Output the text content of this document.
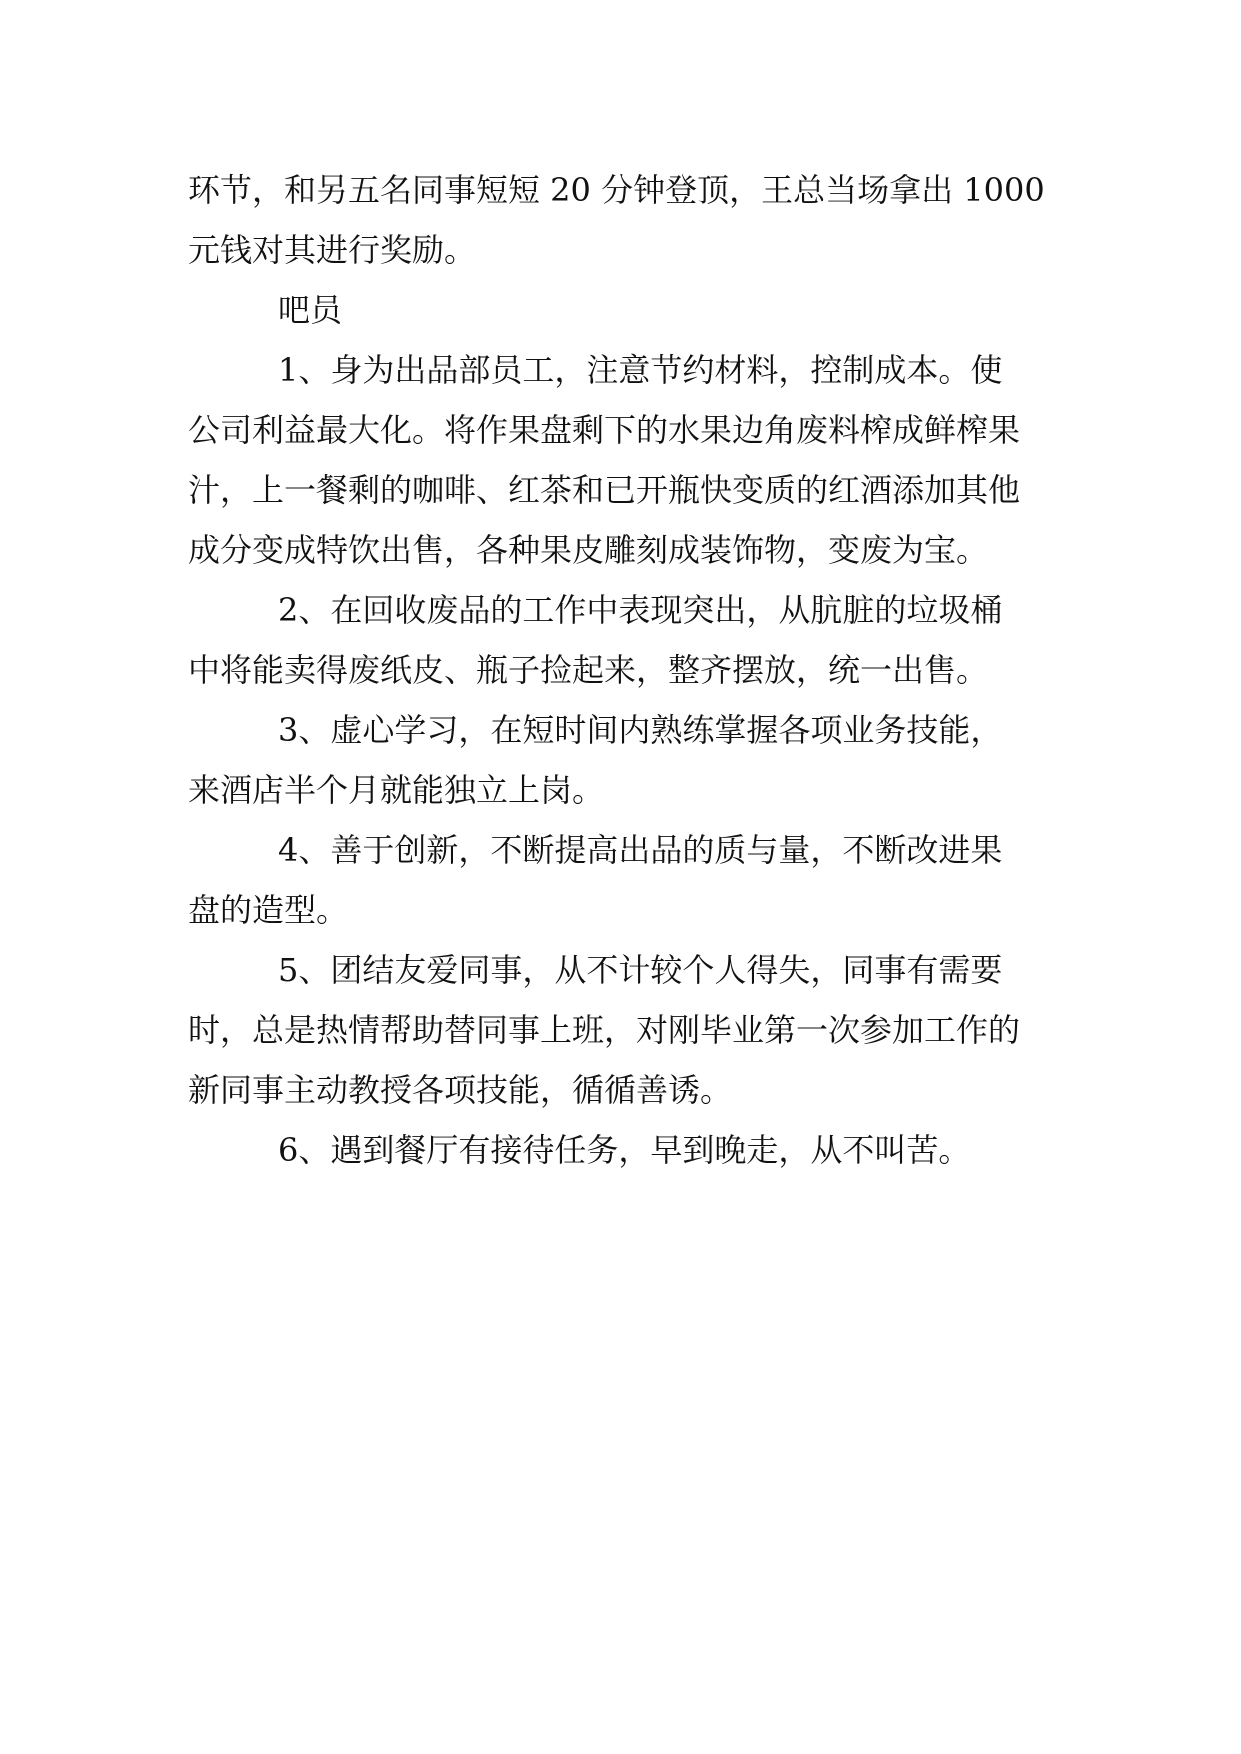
环节，和另五名同事短短 20 分钟登顶，王总当场拿出 1000
元钱对其进行奖励。
吧员
1、身为出品部员工，注意节约材料，控制成本。使
公司利益最大化。将作果盘剩下的水果边角废料榨成鲜榨果
汁，上一餐剩的咖啡、红茶和已开瓶快变质的红酒添加其他
成分变成特饮出售，各种果皮雕刻成装饰物，变废为宝。
2、在回收废品的工作中表现突出，从肮脏的垃圾桶
中将能卖得废纸皮、瓶子捡起来，整齐摆放，统一出售。
3、虚心学习，在短时间内熟练掌握各项业务技能，
来酒店半个月就能独立上岗。
4、善于创新，不断提高出品的质与量，不断改进果
盘的造型。
5、团结友爱同事，从不计较个人得失，同事有需要
时，总是热情帮助替同事上班，对刚毕业第一次参加工作的
新同事主动教授各项技能，循循善诱。
6、遇到餐厅有接待任务，早到晚走，从不叫苦。
